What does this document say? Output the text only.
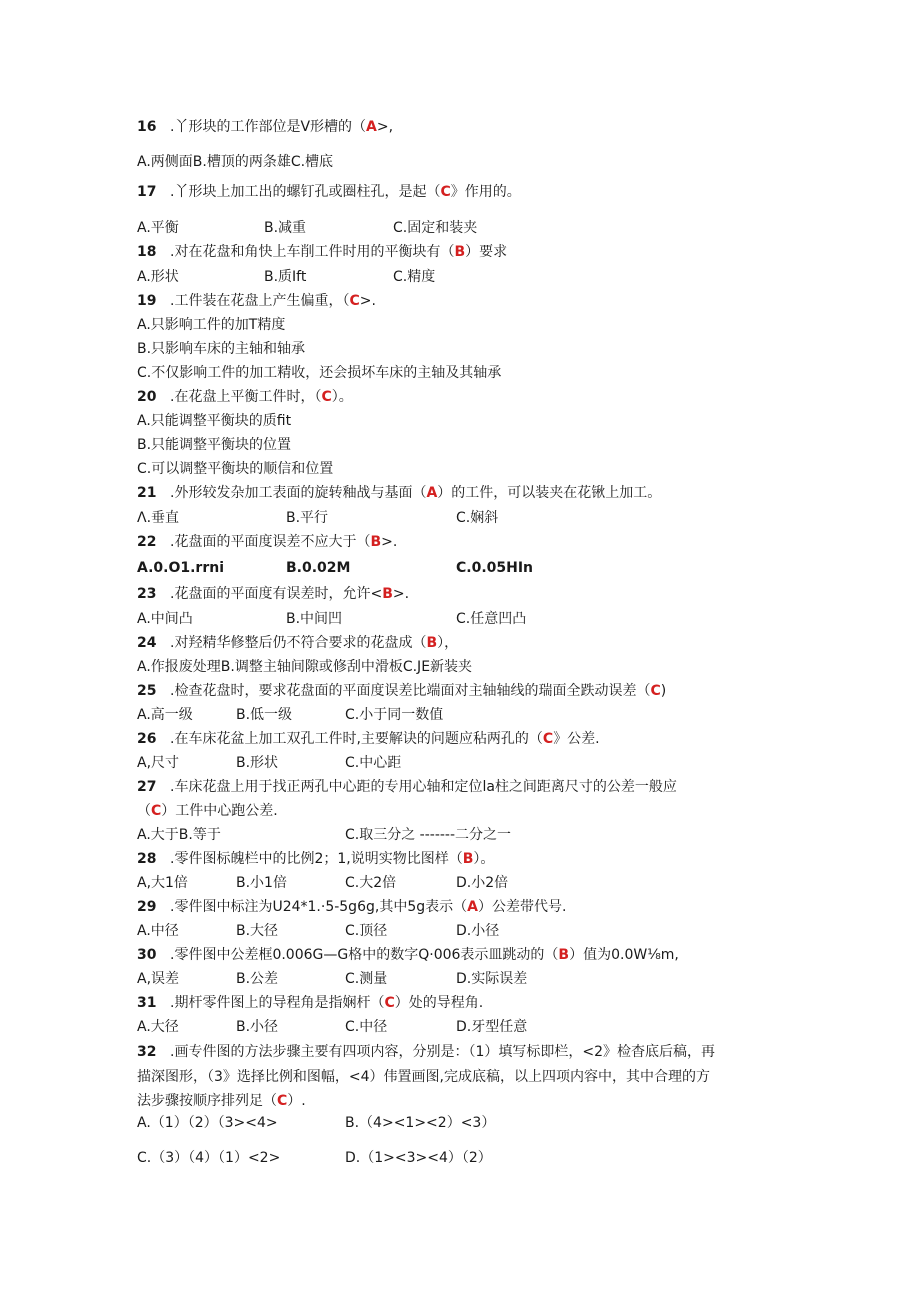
16 .丫形块的工作部位是V形槽的（A>,
A.两侧面B.槽顶的两条雄C.槽底
17 .丫形块上加工出的螺钉孔或圈柱孔，是起（C》作用的。
A.平衡	B.减重	C.固定和装夹
18 .对在花盘和角快上车削工件时用的平衡块有（B）要求
A.形状	B.质Ift	C.精度
19 .工件装在花盘上产生偏重，（C>.
A.只影响工件的加T精度
B.只影响车床的主轴和轴承
C.不仅影响工件的加工精收，还会损坏车床的主轴及其轴承
20 .在花盘上平衡工件时，（C）。
A.只能调整平衡块的质fit
B.只能调整平衡块的位置
C.可以调整平衡块的顺信和位置
21 .外形较发杂加工表面的旋转釉战与基面（A）的工件，可以装夹在花锹上加工。
Λ.垂直	B.平行	C.娴斜
22 .花盘面的平面度误差不应大于（B>.
A.0.O1.rrni	B.0.02M	C.0.05HIn
23 .花盘面的平面度有误差时，允许<B>.
A.中间凸	B.中间凹	C.任意凹凸
24 .对羟精华修整后仍不符合要求的花盘成（B），
A.作报废处理B.调整主轴间隙或修刮中滑板C.JE新装夹
25 .检查花盘时，要求花盘面的平面度误差比端面对主轴轴线的瑞面全跌动误差（C)
A.高一级	B.低一级	C.小于同一数值
26 .在车床花盆上加工双孔工件时,主要解诀的问题应秥两孔的（C》公差.
A,尺寸	B.形状	C.中心距
27 .车床花盘上用于找正两孔中心距的专用心轴和定位la柱之间距离尺寸的公差一般应
（C）工件中心跑公差.
A.大于B.等于	C.取三分之 -------二分之一
28 .零件图标魄栏中的比例2；1,说明实物比图样（B）。
A,大1倍	B.小1倍	C.大2倍	D.小2倍
29 .零件图中标注为U24*1.·5-5g6g,其中5g表示（A）公差带代号.
A.中径	B.大径	C.顶径	D.小径
30 .零件图中公差框0.006G—G格中的数字Q·006表示皿跳动的（B）值为0.0W⅛m,
A,误差	B.公差	C.测量	D.实际误差
31 .期杆零件图上的导程角是指娴杆（C）处的导程角.
A.大径	B.小径	C.中径	D.牙型任意
32 .画专件图的方法步骤主要有四项内容，分别是：（1）填写标即栏，<2》检杳底后稿，再
描深图形，（3》选择比例和图幅，<4）伟置画图,完成底稿，以上四项内容中，其中合理的方
法步骤按顺序排列足（C）.
A.（1）（2）（3><4>	B.（4><1><2）<3）
C.（3）（4）（1）<2>	D.（1><3><4）（2）
